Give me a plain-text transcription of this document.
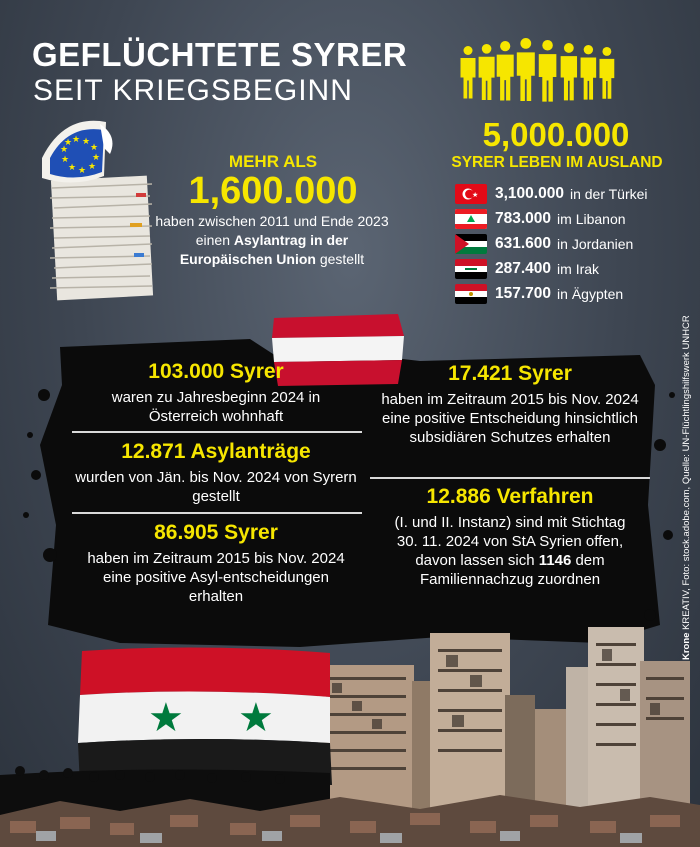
GEFLÜCHTETE SYRER
SEIT KRIEGSBEGINN
★ ★
★
★
★
★
★
★
★
★
MEHR ALS
1,600.000
haben zwischen 2011 und Ende 2023 einen Asylantrag in der Europäischen Union gestellt
5,000.000
SYRER LEBEN IM AUSLAND
★ 3,100.000 in der Türkei
783.000 im Libanon
631.600 in Jordanien
287.400 im Irak
157.700 in Ägypten
103.000 Syrer
waren zu Jahresbeginn 2024 in Österreich wohnhaft
12.871 Asylanträge
wurden von Jän. bis Nov. 2024 von Syrern gestellt
86.905 Syrer
haben im Zeitraum 2015 bis Nov. 2024 eine positive Asyl-entscheidungen erhalten
17.421 Syrer
haben im Zeitraum 2015 bis Nov. 2024 eine positive Entscheidung hinsichtlich subsidiären Schutzes erhalten
12.886 Verfahren
(I. und II. Instanz) sind mit Stichtag 30. 11. 2024 von StA Syrien offen, davon lassen sich 1146 dem Familiennachzug zuordnen
Krone KREATIV, Foto: stock.adobe.com, Quelle: UN-Flüchtlingshilfswerk UNHCR
★ ★
